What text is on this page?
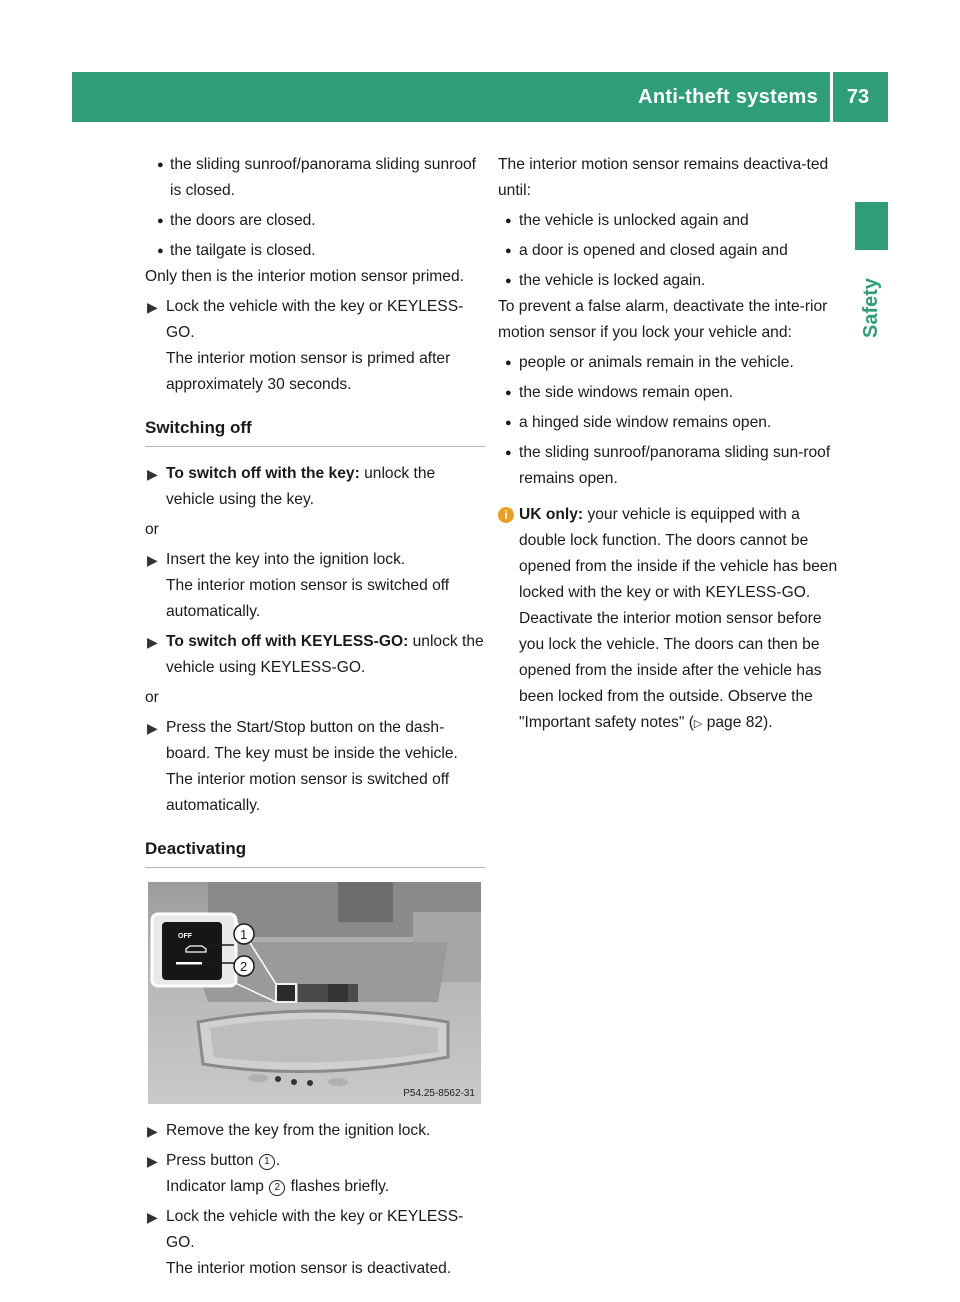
Anti-theft systems	73
Safety

● the sliding sunroof/panorama sliding sunroof is closed.

● the doors are closed.

● the tailgate is closed.

Only then is the interior motion sensor primed.

▶ Lock the vehicle with the key or KEYLESS-GO.

The interior motion sensor is primed after approximately 30 seconds.

Switching off

▶ To switch off with the key: unlock the vehicle using the key.

or

▶ Insert the key into the ignition lock.

The interior motion sensor is switched off automatically.

▶ To switch off with KEYLESS-GO: unlock the vehicle using KEYLESS-GO.

or

▶ Press the Start/Stop button on the dash-board. The key must be inside the vehicle.

The interior motion sensor is switched off automatically.

Deactivating
OFF	1
2
P54.25-8562-31

▶ Remove the key from the ignition lock.

▶ Press button 1 .

Indicator lamp 2 flashes briefly.

▶ Lock the vehicle with the key or KEYLESS-GO.

The interior motion sensor is deactivated.

The interior motion sensor remains deactiva-ted until:

● the vehicle is unlocked again and

● a door is opened and closed again and

● the vehicle is locked again.

To prevent a false alarm, deactivate the inte-rior motion sensor if you lock your vehicle and:

● people or animals remain in the vehicle.

● the side windows remain open.

● a hinged side window remains open.

● the sliding sunroof/panorama sliding sun-roof remains open.

i UK only: your vehicle is equipped with a double lock function. The doors cannot be opened from the inside if the vehicle has been locked with the key or with KEYLESS-GO. Deactivate the interior motion sensor before you lock the vehicle. The doors can then be opened from the inside after the vehicle has been locked from the outside. Observe the "Important safety notes" (▷ page 82).
